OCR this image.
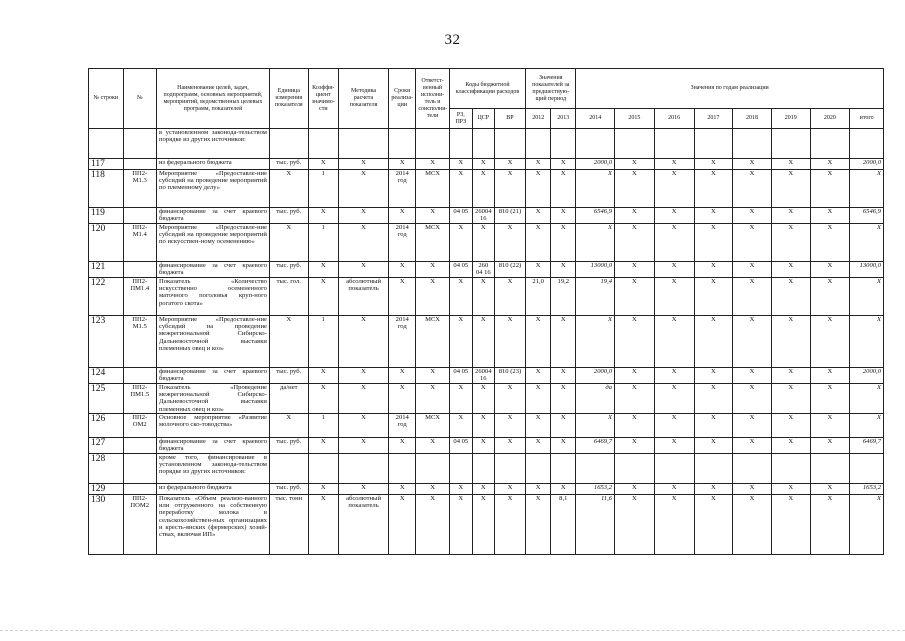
32
№ строки	№	Наименование целей, задач, подпрограмм, основных мероприятий, мероприятий, ведомственных целевых программ, показателей	Единица измерения показателя	Коэффи-циент значимо-сти	Методика расчета показателя	Сроки реализа-ции	Ответст-венный исполни-тель и соисполни-тели	Коды бюджетной классификации расходов			Значения показателей за предшествую-щий период		Значения по годам реализации							
								РЗ, ПРЗ	ЦСР	ВР	2012	2013	2014	2015	2016	2017	2018	2019	2020	итого
		в установленном законода-тельством порядке из других источников:																		
117		из федерального бюджета	тыс. руб.	X	X	X	X	X	X	X	X	X	2000,0	X	X	X	X	X	X	2000,0
118	ПП2-М1.3	Мероприятие «Предоставле-ние субсидий на проведение мероприятий по племенному делу»	X	1	X	2014 год	МСХ	X	X	X	X	X	X	X	X	X	X	X	X	X
119		финансирование за счет краевого бюджета	тыс. руб.	X	X	X	X	04 05	26004 16	810 (21)	X	X	6546,9	X	X	X	X	X	X	6546,9
120	ПП2-М1.4	Мероприятие «Предоставле-ние субсидий на проведение мероприятий по искусствен-ному осеменению»	X	1	X	2014 год	МСХ	X	X	X	X	X	X	X	X	X	X	X	X	X
121		финансирование за счет краевого бюджета	тыс. руб.	X	X	X	X	04 05	260 04 16	810 (22)	X	X	13000,0	X	X	X	X	X	X	13000,0
122	ПП2-ПМ1.4	Показатель «Количество искусственно осемененного маточного поголовья круп-ного рогатого скота»	тыс. гол.	X	абсолютный показатель	X	X	X	X	X	21,0	19,2	19,4	X	X	X	X	X	X	X
123	ПП2-М1.5	Мероприятие «Предоставле-ние субсидий на проведение межрегиональной Сибирско-Дальневосточной выставки племенных овец и коз»	X	1	X	2014 год	МСХ	X	X	X	X	X	X	X	X	X	X	X	X	X
124		финансирование за счет краевого бюджета	тыс. руб.	X	X	X	X	04 05	26004 16	810 (23)	X	X	2000,0	X	X	X	X	X	X	2000,0
125	ПП2-ПМ1.5	Показатель «Проведение межрегиональной Сибирско-Дальневосточной выставки племенных овец и коз»	да/нет	X	X	X	X	X	X	X	X	X	да	X	X	X	X	X	X	X
126	ПП2-ОМ2	Основное мероприятие «Развитие молочного ско-товодства»	X	1	X	2014 год	МСХ	X	X	X	X	X	X	X	X	X	X	X	X	X
127		финансирование за счет краевого бюджета	тыс. руб.	X	X	X	X	04 05	X	X	X	X	6469,7	X	X	X	X	X	X	6469,7
128		кроме того, финансирование в установленном законода-тельством порядке из других источников:																		
129		из федерального бюджета	тыс. руб.	X	X	X	X	X	X	X	X	X	1653,2	X	X	X	X	X	X	1653,2
130	ПП2-ПОМ2	Показатель «Объем реализо-ванного или отгруженного на собственную переработку молока в сельскохозяйствен-ных организациях и кресть-янских (фермерских) хозяй-ствах, включая ИП»	тыс. тонн	X	абсолютный показатель	X	X	X	X	X	X	8,1	11,6	X	X	X	X	X	X	X
